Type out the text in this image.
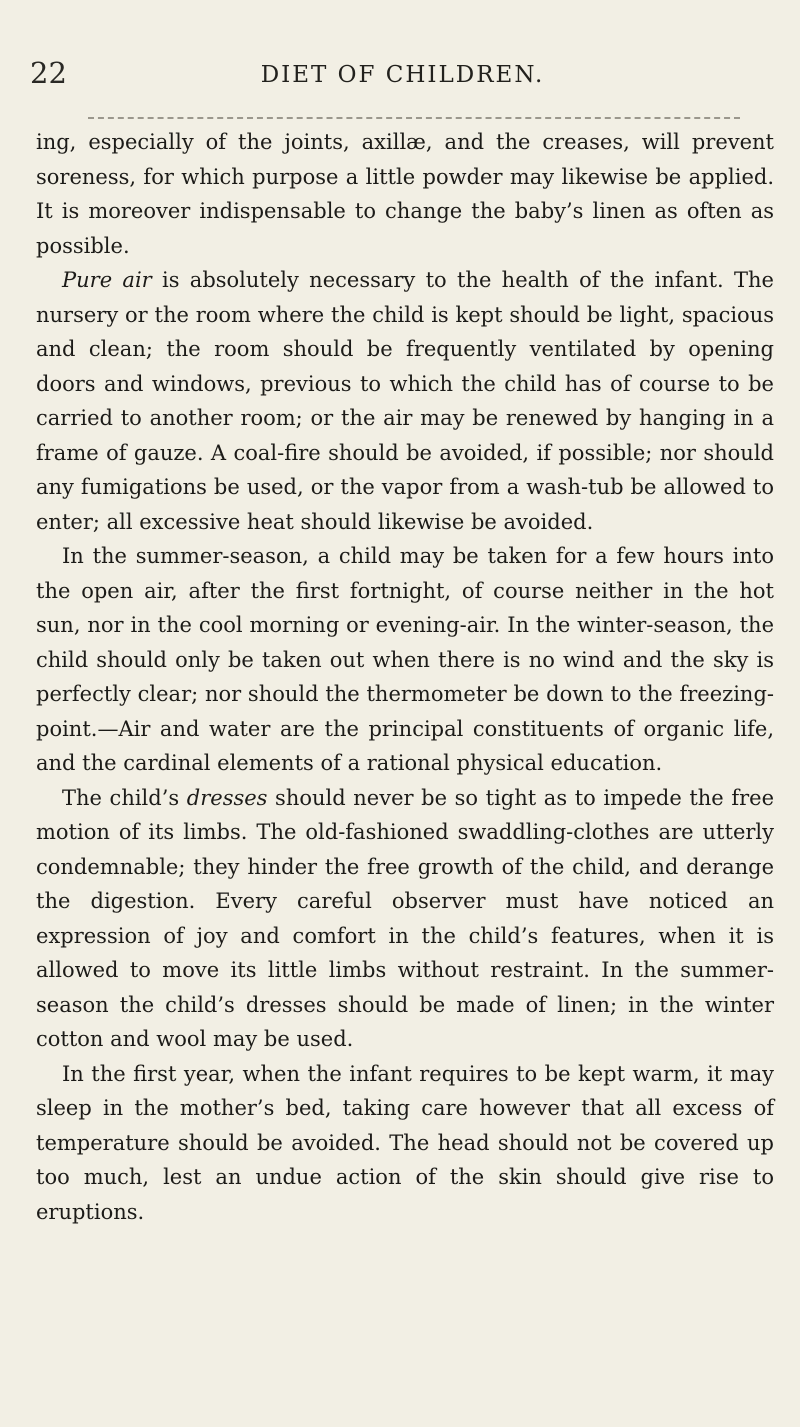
22	DIET OF CHILDREN.

ing, especially of the joints, axillæ, and the creases, will prevent soreness, for which purpose a little powder may likewise be applied. It is moreover indispensable to change the baby’s linen as often as possible.

Pure air is absolutely necessary to the health of the infant. The nursery or the room where the child is kept should be light, spacious and clean; the room should be frequently ventilated by opening doors and windows, previous to which the child has of course to be carried to another room; or the air may be renewed by hanging in a frame of gauze. A coal-fire should be avoided, if possible; nor should any fumigations be used, or the vapor from a wash-tub be allowed to enter; all excessive heat should likewise be avoided.

In the summer-season, a child may be taken for a few hours into the open air, after the first fortnight, of course neither in the hot sun, nor in the cool morning or evening-air. In the winter-season, the child should only be taken out when there is no wind and the sky is perfectly clear; nor should the thermometer be down to the freezing-point.—Air and water are the principal constituents of organic life, and the cardinal elements of a rational physical education.

The child’s dresses should never be so tight as to impede the free motion of its limbs. The old-fashioned swaddling-clothes are utterly condemnable; they hinder the free growth of the child, and derange the digestion. Every careful observer must have noticed an expression of joy and comfort in the child’s features, when it is allowed to move its little limbs without restraint. In the summer-season the child’s dresses should be made of linen; in the winter cotton and wool may be used.

In the first year, when the infant requires to be kept warm, it may sleep in the mother’s bed, taking care however that all excess of temperature should be avoided. The head should not be covered up too much, lest an undue action of the skin should give rise to eruptions.
